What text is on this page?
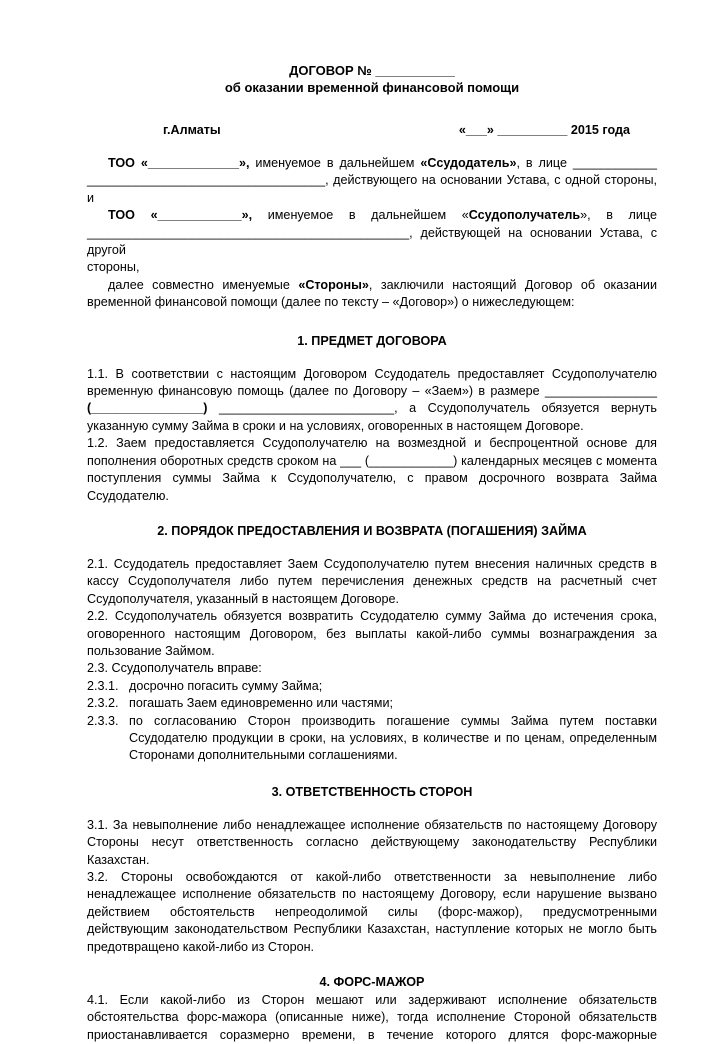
ДОГОВОР № ___________
об оказании временной финансовой помощи
г.Алматы	«___» __________ 2015 года

ТОО «_____________», именуемое в дальнейшем «Ссудодатель», в лице ____________

__________________________________, действующего на основании Устава, с одной стороны, и

ТОО «____________», именуемое в дальнейшем «Ссудополучатель», в лице

______________________________________________, действующей на основании Устава, с другой

стороны,

далее совместно именуемые «Стороны», заключили настоящий Договор об оказании временной финансовой помощи (далее по тексту – «Договор») о нижеследующем:

1. ПРЕДМЕТ ДОГОВОРА

1.1. В соответствии с настоящим Договором Ссудодатель предоставляет Ссудополучателю временную финансовую помощь (далее по Договору – «Заем») в размере ________________ (________________) _________________________, а Ссудополучатель обязуется вернуть указанную сумму Займа в сроки и на условиях, оговоренных в настоящем Договоре.

1.2. Заем предоставляется Ссудополучателю на возмездной и беспроцентной основе для пополнения оборотных средств сроком на ___ (____________) календарных месяцев с момента поступления суммы Займа к Ссудополучателю, с правом досрочного возврата Займа Ссудодателю.

2. ПОРЯДОК ПРЕДОСТАВЛЕНИЯ И ВОЗВРАТА (ПОГАШЕНИЯ) ЗАЙМА

2.1. Ссудодатель предоставляет Заем Ссудополучателю путем внесения наличных средств в кассу Ссудополучателя либо путем перечисления денежных средств на расчетный счет Ссудополучателя, указанный в настоящем Договоре.

2.2. Ссудополучатель обязуется возвратить Ссудодателю сумму Займа до истечения срока, оговоренного настоящим Договором, без выплаты какой-либо суммы вознаграждения за пользование Займом.

2.3. Ссудополучатель вправе:

2.3.1. досрочно погасить сумму Займа;
2.3.2. погашать Заем единовременно или частями;
2.3.3. по согласованию Сторон производить погашение суммы Займа путем поставки Ссудодателю продукции в сроки, на условиях, в количестве и по ценам, определенным Сторонами дополнительными соглашениями.
3. ОТВЕТСТВЕННОСТЬ СТОРОН

3.1. За невыполнение либо ненадлежащее исполнение обязательств по настоящему Договору Стороны несут ответственность согласно действующему законодательству Республики Казахстан.

3.2. Стороны освобождаются от какой-либо ответственности за невыполнение либо ненадлежащее исполнение обязательств по настоящему Договору, если нарушение вызвано действием обстоятельств непреодолимой силы (форс-мажор), предусмотренными действующим законодательством Республики Казахстан, наступление которых не могло быть предотвращено какой-либо из Сторон.

4. ФОРС-МАЖОР

4.1. Если какой-либо из Сторон мешают или задерживают исполнение обязательств обстоятельства форс-мажора (описанные ниже), тогда исполнение Стороной обязательств приостанавливается соразмерно времени, в течение которого длятся форс-мажорные
